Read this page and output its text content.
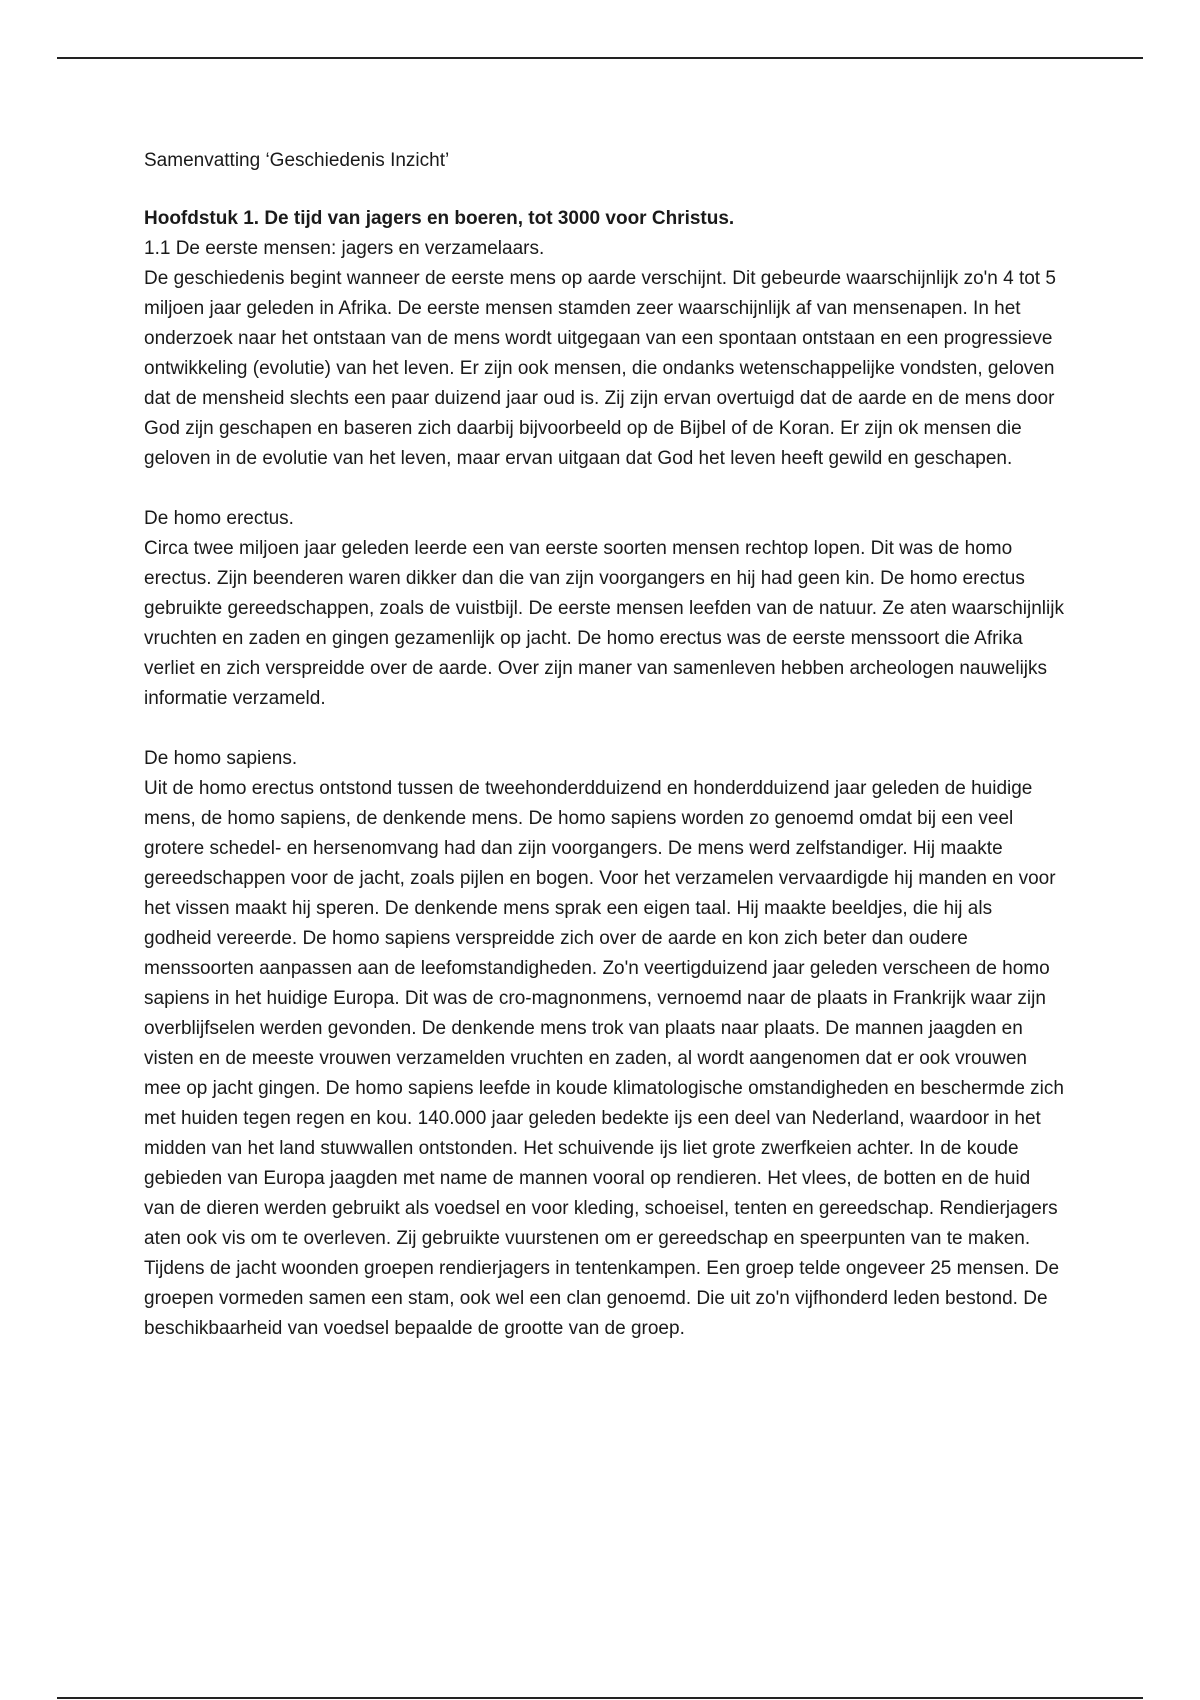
Samenvatting ‘Geschiedenis Inzicht’

Hoofdstuk 1. De tijd van jagers en boeren, tot 3000 voor Christus.

1.1 De eerste mensen: jagers en verzamelaars.

De geschiedenis begint wanneer de eerste mens op aarde verschijnt. Dit gebeurde waarschijnlijk zo'n 4 tot 5 miljoen jaar geleden in Afrika. De eerste mensen stamden zeer waarschijnlijk af van mensenapen. In het onderzoek naar het ontstaan van de mens wordt uitgegaan van een spontaan ontstaan en een progressieve ontwikkeling (evolutie) van het leven. Er zijn ook mensen, die ondanks wetenschappelijke vondsten, geloven dat de mensheid slechts een paar duizend jaar oud is. Zij zijn ervan overtuigd dat de aarde en de mens door God zijn geschapen en baseren zich daarbij bijvoorbeeld op de Bijbel of de Koran. Er zijn ok mensen die geloven in de evolutie van het leven, maar ervan uitgaan dat God het leven heeft gewild en geschapen.

De homo erectus.

Circa twee miljoen jaar geleden leerde een van eerste soorten mensen rechtop lopen. Dit was de homo erectus. Zijn beenderen waren dikker dan die van zijn voorgangers en hij had geen kin. De homo erectus gebruikte gereedschappen, zoals de vuistbijl. De eerste mensen leefden van de natuur. Ze aten waarschijnlijk vruchten en zaden en gingen gezamenlijk op jacht. De homo erectus was de eerste menssoort die Afrika verliet en zich verspreidde over de aarde. Over zijn maner van samenleven hebben archeologen nauwelijks informatie verzameld.

De homo sapiens.

Uit de homo erectus ontstond tussen de tweehonderdduizend en honderdduizend jaar geleden de huidige mens, de homo sapiens, de denkende mens. De homo sapiens worden zo genoemd omdat bij een veel grotere schedel- en hersenomvang had dan zijn voorgangers. De mens werd zelfstandiger. Hij maakte gereedschappen voor de jacht, zoals pijlen en bogen. Voor het verzamelen vervaardigde hij manden en voor het vissen maakt hij speren. De denkende mens sprak een eigen taal. Hij maakte beeldjes, die hij als godheid vereerde. De homo sapiens verspreidde zich over de aarde en kon zich beter dan oudere menssoorten aanpassen aan de leefomstandigheden. Zo'n veertigduizend jaar geleden verscheen de homo sapiens in het huidige Europa. Dit was de cro-magnonmens, vernoemd naar de plaats in Frankrijk waar zijn overblijfselen werden gevonden. De denkende mens trok van plaats naar plaats. De mannen jaagden en visten en de meeste vrouwen verzamelden vruchten en zaden, al wordt aangenomen dat er ook vrouwen mee op jacht gingen. De homo sapiens leefde in koude klimatologische omstandigheden en beschermde zich met huiden tegen regen en kou. 140.000 jaar geleden bedekte ijs een deel van Nederland, waardoor in het midden van het land stuwwallen ontstonden. Het schuivende ijs liet grote zwerfkeien achter. In de koude gebieden van Europa jaagden met name de mannen vooral op rendieren. Het vlees, de botten en de huid van de dieren werden gebruikt als voedsel en voor kleding, schoeisel, tenten en gereedschap. Rendierjagers aten ook vis om te overleven. Zij gebruikte vuurstenen om er gereedschap en speerpunten van te maken. Tijdens de jacht woonden groepen rendierjagers in tentenkampen. Een groep telde ongeveer 25 mensen. De groepen vormeden samen een stam, ook wel een clan genoemd. Die uit zo'n vijfhonderd leden bestond. De beschikbaarheid van voedsel bepaalde de grootte van de groep.
